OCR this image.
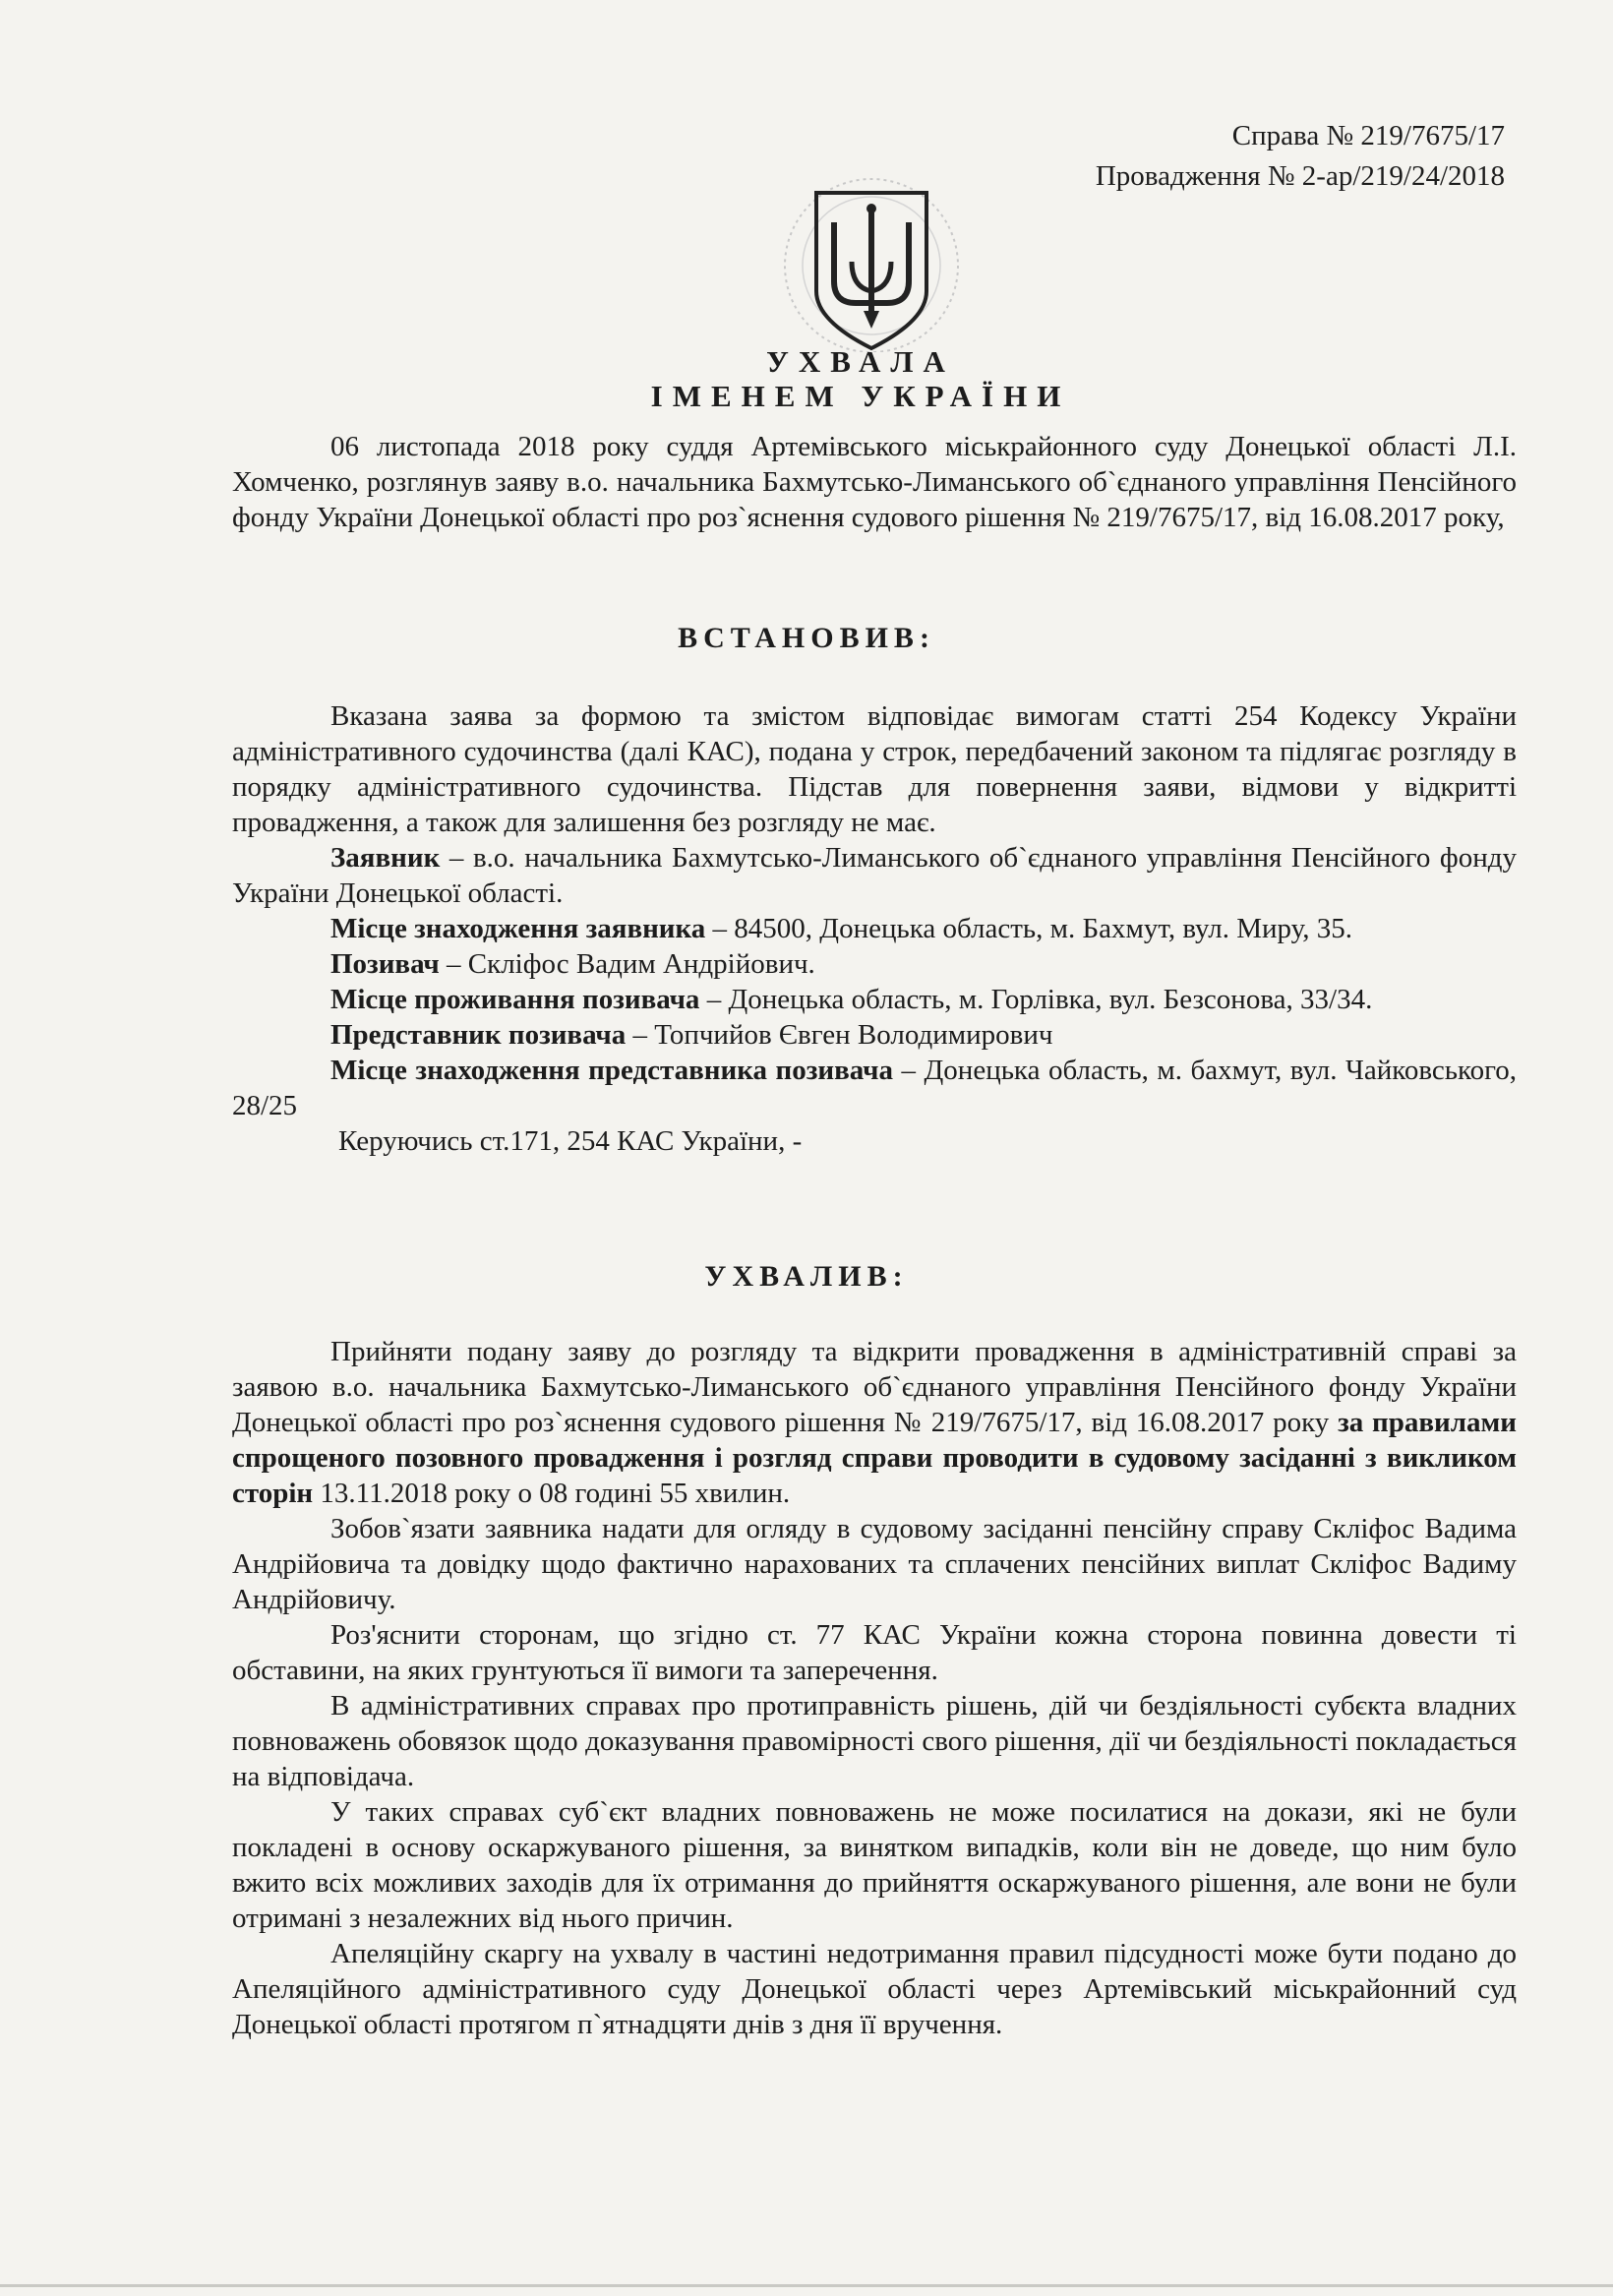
Справа № 219/7675/17
Провадження № 2-ар/219/24/2018
УХВАЛА
ІМЕНЕМ УКРАЇНИ

06 листопада 2018 року суддя Артемівського міськрайонного суду Донецької області Л.І. Хомченко, розглянув заяву в.о. начальника Бахмутсько-Лиманського об`єднаного управління Пенсійного фонду України Донецької області про роз`яснення судового рішення № 219/7675/17, від 16.08.2017 року,

ВСТАНОВИВ:

Вказана заява за формою та змістом відповідає вимогам статті 254 Кодексу України адміністративного судочинства (далі КАС), подана у строк, передбачений законом та підлягає розгляду в порядку адміністративного судочинства. Підстав для повернення заяви, відмови у відкритті провадження, а також для залишення без розгляду не має.

Заявник – в.о. начальника Бахмутсько-Лиманського об`єднаного управління Пенсійного фонду України Донецької області.

Місце знаходження заявника – 84500, Донецька область, м. Бахмут, вул. Миру, 35.

Позивач – Скліфос Вадим Андрійович.

Місце проживання позивача – Донецька область, м. Горлівка, вул. Безсонова, 33/34.

Представник позивача – Топчийов Євген Володимирович

Місце знаходження представника позивача – Донецька область, м. бахмут, вул. Чайковського, 28/25

Керуючись ст.171, 254 КАС України, -

УХВАЛИВ:

Прийняти подану заяву до розгляду та відкрити провадження в адміністративній справі за заявою в.о. начальника Бахмутсько-Лиманського об`єднаного управління Пенсійного фонду України Донецької області про роз`яснення судового рішення № 219/7675/17, від 16.08.2017 року за правилами спрощеного позовного провадження і розгляд справи проводити в судовому засіданні з викликом сторін 13.11.2018 року о 08 годині 55 хвилин.

Зобов`язати заявника надати для огляду в судовому засіданні пенсійну справу Скліфос Вадима Андрійовича та довідку щодо фактично нарахованих та сплачених пенсійних виплат Скліфос Вадиму Андрійовичу.

Роз'яснити сторонам, що згідно ст. 77 КАС України кожна сторона повинна довести ті обставини, на яких грунтуються її вимоги та заперечення.

В адміністративних справах про протиправність рішень, дій чи бездіяльності субєкта владних повноважень обовязок щодо доказування правомірності свого рішення, дії чи бездіяльності покладається на відповідача.

У таких справах суб`єкт владних повноважень не може посилатися на докази, які не були покладені в основу оскаржуваного рішення, за винятком випадків, коли він не доведе, що ним було вжито всіх можливих заходів для їх отримання до прийняття оскаржуваного рішення, але вони не були отримані з незалежних від нього причин.

Апеляційну скаргу на ухвалу в частині недотримання правил підсудності може бути подано до Апеляційного адміністративного суду Донецької області через Артемівський міськрайонний суд Донецької області протягом п`ятнадцяти днів з дня її вручення.
